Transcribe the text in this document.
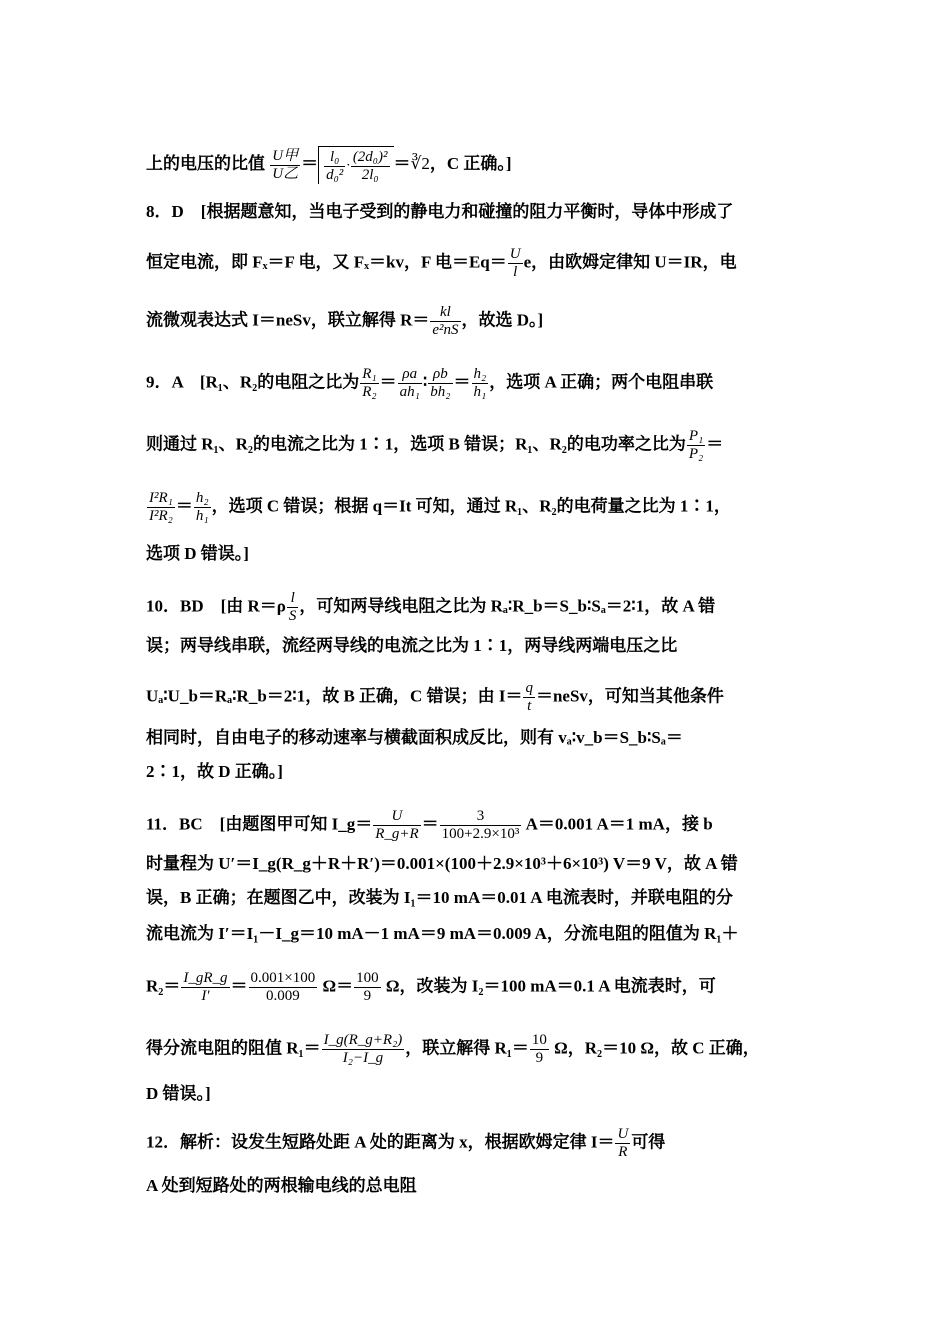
上的电压的比值 $\frac{\text{U甲}}{\text{U乙}} = \frac{\text{l₀}}{\text{d₀²}} \cdot \frac{\text{(2d₀)²}}{\text{2l₀}}$ ＝∛2，C 正确。]
8．D　[根据题意知，当电子受到的静电力和碰撞的阻力平衡时，导体中形成了
恒定电流，即 Fₓ＝F 电，又 Fₓ＝kv，F 电$=Eq= \frac{U}{l}$ e，由欧姆定律知 U＝IR，电
流微观表达式 I＝neSv，联立解得 $R= \frac{kl}{\text{e²nS}}$ ，故选 D。]
9．A　[R₁、R₂的电阻之比为 $\frac{\text{R₁}}{\text{R₂}} = \frac{\rho a}{\text{ah₁}}$ ∶ $\frac{\rho b}{\text{bh₂}} = \frac{\text{h₂}}{\text{h₁}}$ ，选项 A 正确；两个电阻串联
则通过 R₁、R₂的电流之比为 1∶1，选项 B 错误；R₁、R₂的电功率之比为 $\frac{\text{P₁}}{\text{P₂}}$ ＝
$\frac{\text{I²R₁}}{\text{I²R₂}} = \frac{\text{h₂}}{\text{h₁}}$ ，选项 C 错误；根据 q＝It 可知，通过 R₁、R₂的电荷量之比为 1∶1，
选项 D 错误。]
10．BD　[由 $R=\rho \frac{l}{S}$ ，可知两导线电阻之比为 Rₐ∶R_b＝S_b∶Sₐ＝2∶1，故 A 错
误；两导线串联，流经两导线的电流之比为 1∶1，两导线两端电压之比
Uₐ∶U_b＝Rₐ∶R_b＝2∶1，故 B 正确，C 错误；由 $I= \frac{q}{t}$ ＝neSv，可知当其他条件
相同时，自由电子的移动速率与横截面积成反比，则有 vₐ∶v_b＝S_b∶Sₐ＝
2∶1，故 D 正确。]
11．BC　[由题图甲可知 I_g＝ $\frac{U}{R\_g+R} = \frac{3}{\text{100+2.9×10³}} A=0.001$ A＝1 mA，接 b
时量程为 U′＝I_g(R_g＋R＋R′)＝0.001×(100＋2.9×10³＋6×10³) V＝9 V，故 A 错
误，B 正确；在题图乙中，改装为 I₁＝10 mA＝0.01 A 电流表时，并联电阻的分
流电流为 I′＝I₁－I_g＝10 mA－1 mA＝9 mA＝0.009 A，分流电阻的阻值为 R₁＋
$R_2= \frac{I\_gR\_g}{I'} = \frac{0.001\times 100}{0.009} \Omega= \frac{100}{9}$ Ω，改装为 I₂＝100 mA＝0.1 A 电流表时，可
得分流电阻的阻值 $R_1= \frac{\text{I\_g(R\_g+R₂)}}{\text{I₂−I\_g}}$ ，联立解得 $R_1= \frac{10}{9}$ Ω，R₂＝10 Ω，故 C 正确，
D 错误。]
12．解析：设发生短路处距 A 处的距离为 x，根据欧姆定律 $I= \frac{U}{R}$ 可得
A 处到短路处的两根输电线的总电阻
